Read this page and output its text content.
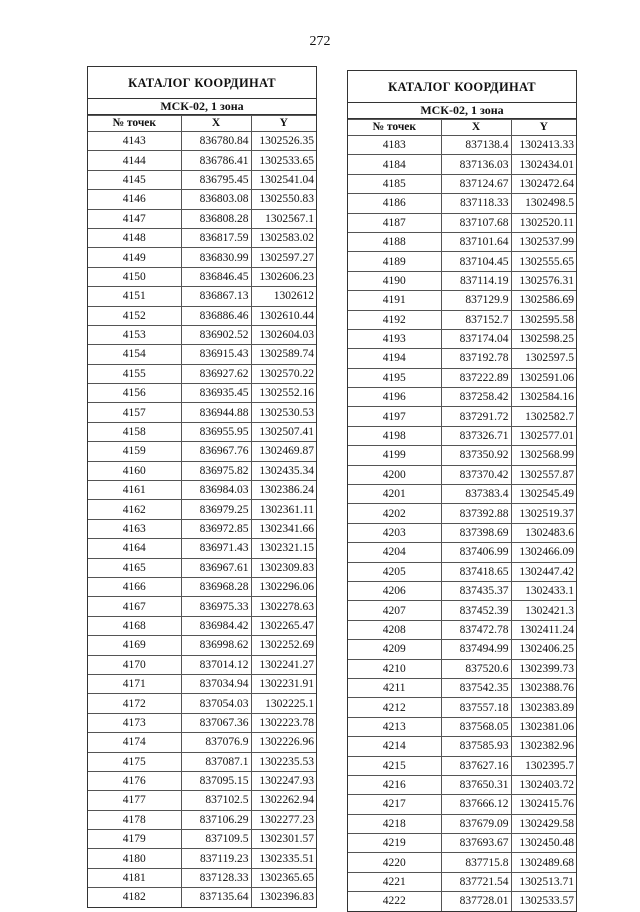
272
КАТАЛОГ КООРДИНАТ
МСК-02, 1 зона
№ точек	X	Y
4143	836780.84	1302526.35
4144	836786.41	1302533.65
4145	836795.45	1302541.04
4146	836803.08	1302550.83
4147	836808.28	1302567.1
4148	836817.59	1302583.02
4149	836830.99	1302597.27
4150	836846.45	1302606.23
4151	836867.13	1302612
4152	836886.46	1302610.44
4153	836902.52	1302604.03
4154	836915.43	1302589.74
4155	836927.62	1302570.22
4156	836935.45	1302552.16
4157	836944.88	1302530.53
4158	836955.95	1302507.41
4159	836967.76	1302469.87
4160	836975.82	1302435.34
4161	836984.03	1302386.24
4162	836979.25	1302361.11
4163	836972.85	1302341.66
4164	836971.43	1302321.15
4165	836967.61	1302309.83
4166	836968.28	1302296.06
4167	836975.33	1302278.63
4168	836984.42	1302265.47
4169	836998.62	1302252.69
4170	837014.12	1302241.27
4171	837034.94	1302231.91
4172	837054.03	1302225.1
4173	837067.36	1302223.78
4174	837076.9	1302226.96
4175	837087.1	1302235.53
4176	837095.15	1302247.93
4177	837102.5	1302262.94
4178	837106.29	1302277.23
4179	837109.5	1302301.57
4180	837119.23	1302335.51
4181	837128.33	1302365.65
4182	837135.64	1302396.83
КАТАЛОГ КООРДИНАТ
МСК-02, 1 зона
№ точек	X	Y
4183	837138.4	1302413.33
4184	837136.03	1302434.01
4185	837124.67	1302472.64
4186	837118.33	1302498.5
4187	837107.68	1302520.11
4188	837101.64	1302537.99
4189	837104.45	1302555.65
4190	837114.19	1302576.31
4191	837129.9	1302586.69
4192	837152.7	1302595.58
4193	837174.04	1302598.25
4194	837192.78	1302597.5
4195	837222.89	1302591.06
4196	837258.42	1302584.16
4197	837291.72	1302582.7
4198	837326.71	1302577.01
4199	837350.92	1302568.99
4200	837370.42	1302557.87
4201	837383.4	1302545.49
4202	837392.88	1302519.37
4203	837398.69	1302483.6
4204	837406.99	1302466.09
4205	837418.65	1302447.42
4206	837435.37	1302433.1
4207	837452.39	1302421.3
4208	837472.78	1302411.24
4209	837494.99	1302406.25
4210	837520.6	1302399.73
4211	837542.35	1302388.76
4212	837557.18	1302383.89
4213	837568.05	1302381.06
4214	837585.93	1302382.96
4215	837627.16	1302395.7
4216	837650.31	1302403.72
4217	837666.12	1302415.76
4218	837679.09	1302429.58
4219	837693.67	1302450.48
4220	837715.8	1302489.68
4221	837721.54	1302513.71
4222	837728.01	1302533.57
